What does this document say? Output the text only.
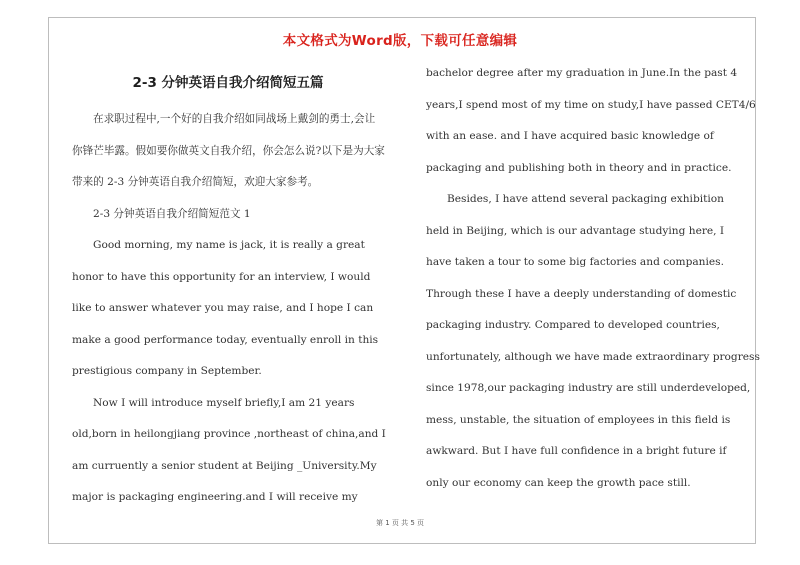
本文格式为Word版，下载可任意编辑
2-3 分钟英语自我介绍简短五篇
在求职过程中,一个好的自我介绍如同战场上戴剑的勇士,会让
你锋芒毕露。假如要你做英文自我介绍，你会怎么说?以下是为大家
带来的 2-3 分钟英语自我介绍简短，欢迎大家参考。
2-3 分钟英语自我介绍简短范文 1
Good morning, my name is jack, it is really a great
honor to have this opportunity for an interview, I would
like to answer whatever you may raise, and I hope I can
make a good performance today, eventually enroll in this
prestigious company in September.
Now I will introduce myself briefly,I am 21 years
old,born in heilongjiang province ,northeast of china,and I
am curruently a senior student at Beijing _University.My
major is packaging engineering.and I will receive my
bachelor degree after my graduation in June.In the past 4
years,I spend most of my time on study,I have passed CET4/6
with an ease. and I have acquired basic knowledge of
packaging and publishing both in theory and in practice.
Besides, I have attend several packaging exhibition
held in Beijing, which is our advantage studying here, I
have taken a tour to some big factories and companies.
Through these I have a deeply understanding of domestic
packaging industry. Compared to developed countries,
unfortunately, although we have made extraordinary progress
since 1978,our packaging industry are still underdeveloped,
mess, unstable, the situation of employees in this field is
awkward. But I have full confidence in a bright future if
only our economy can keep the growth pace still.
第 1 页 共 5 页
